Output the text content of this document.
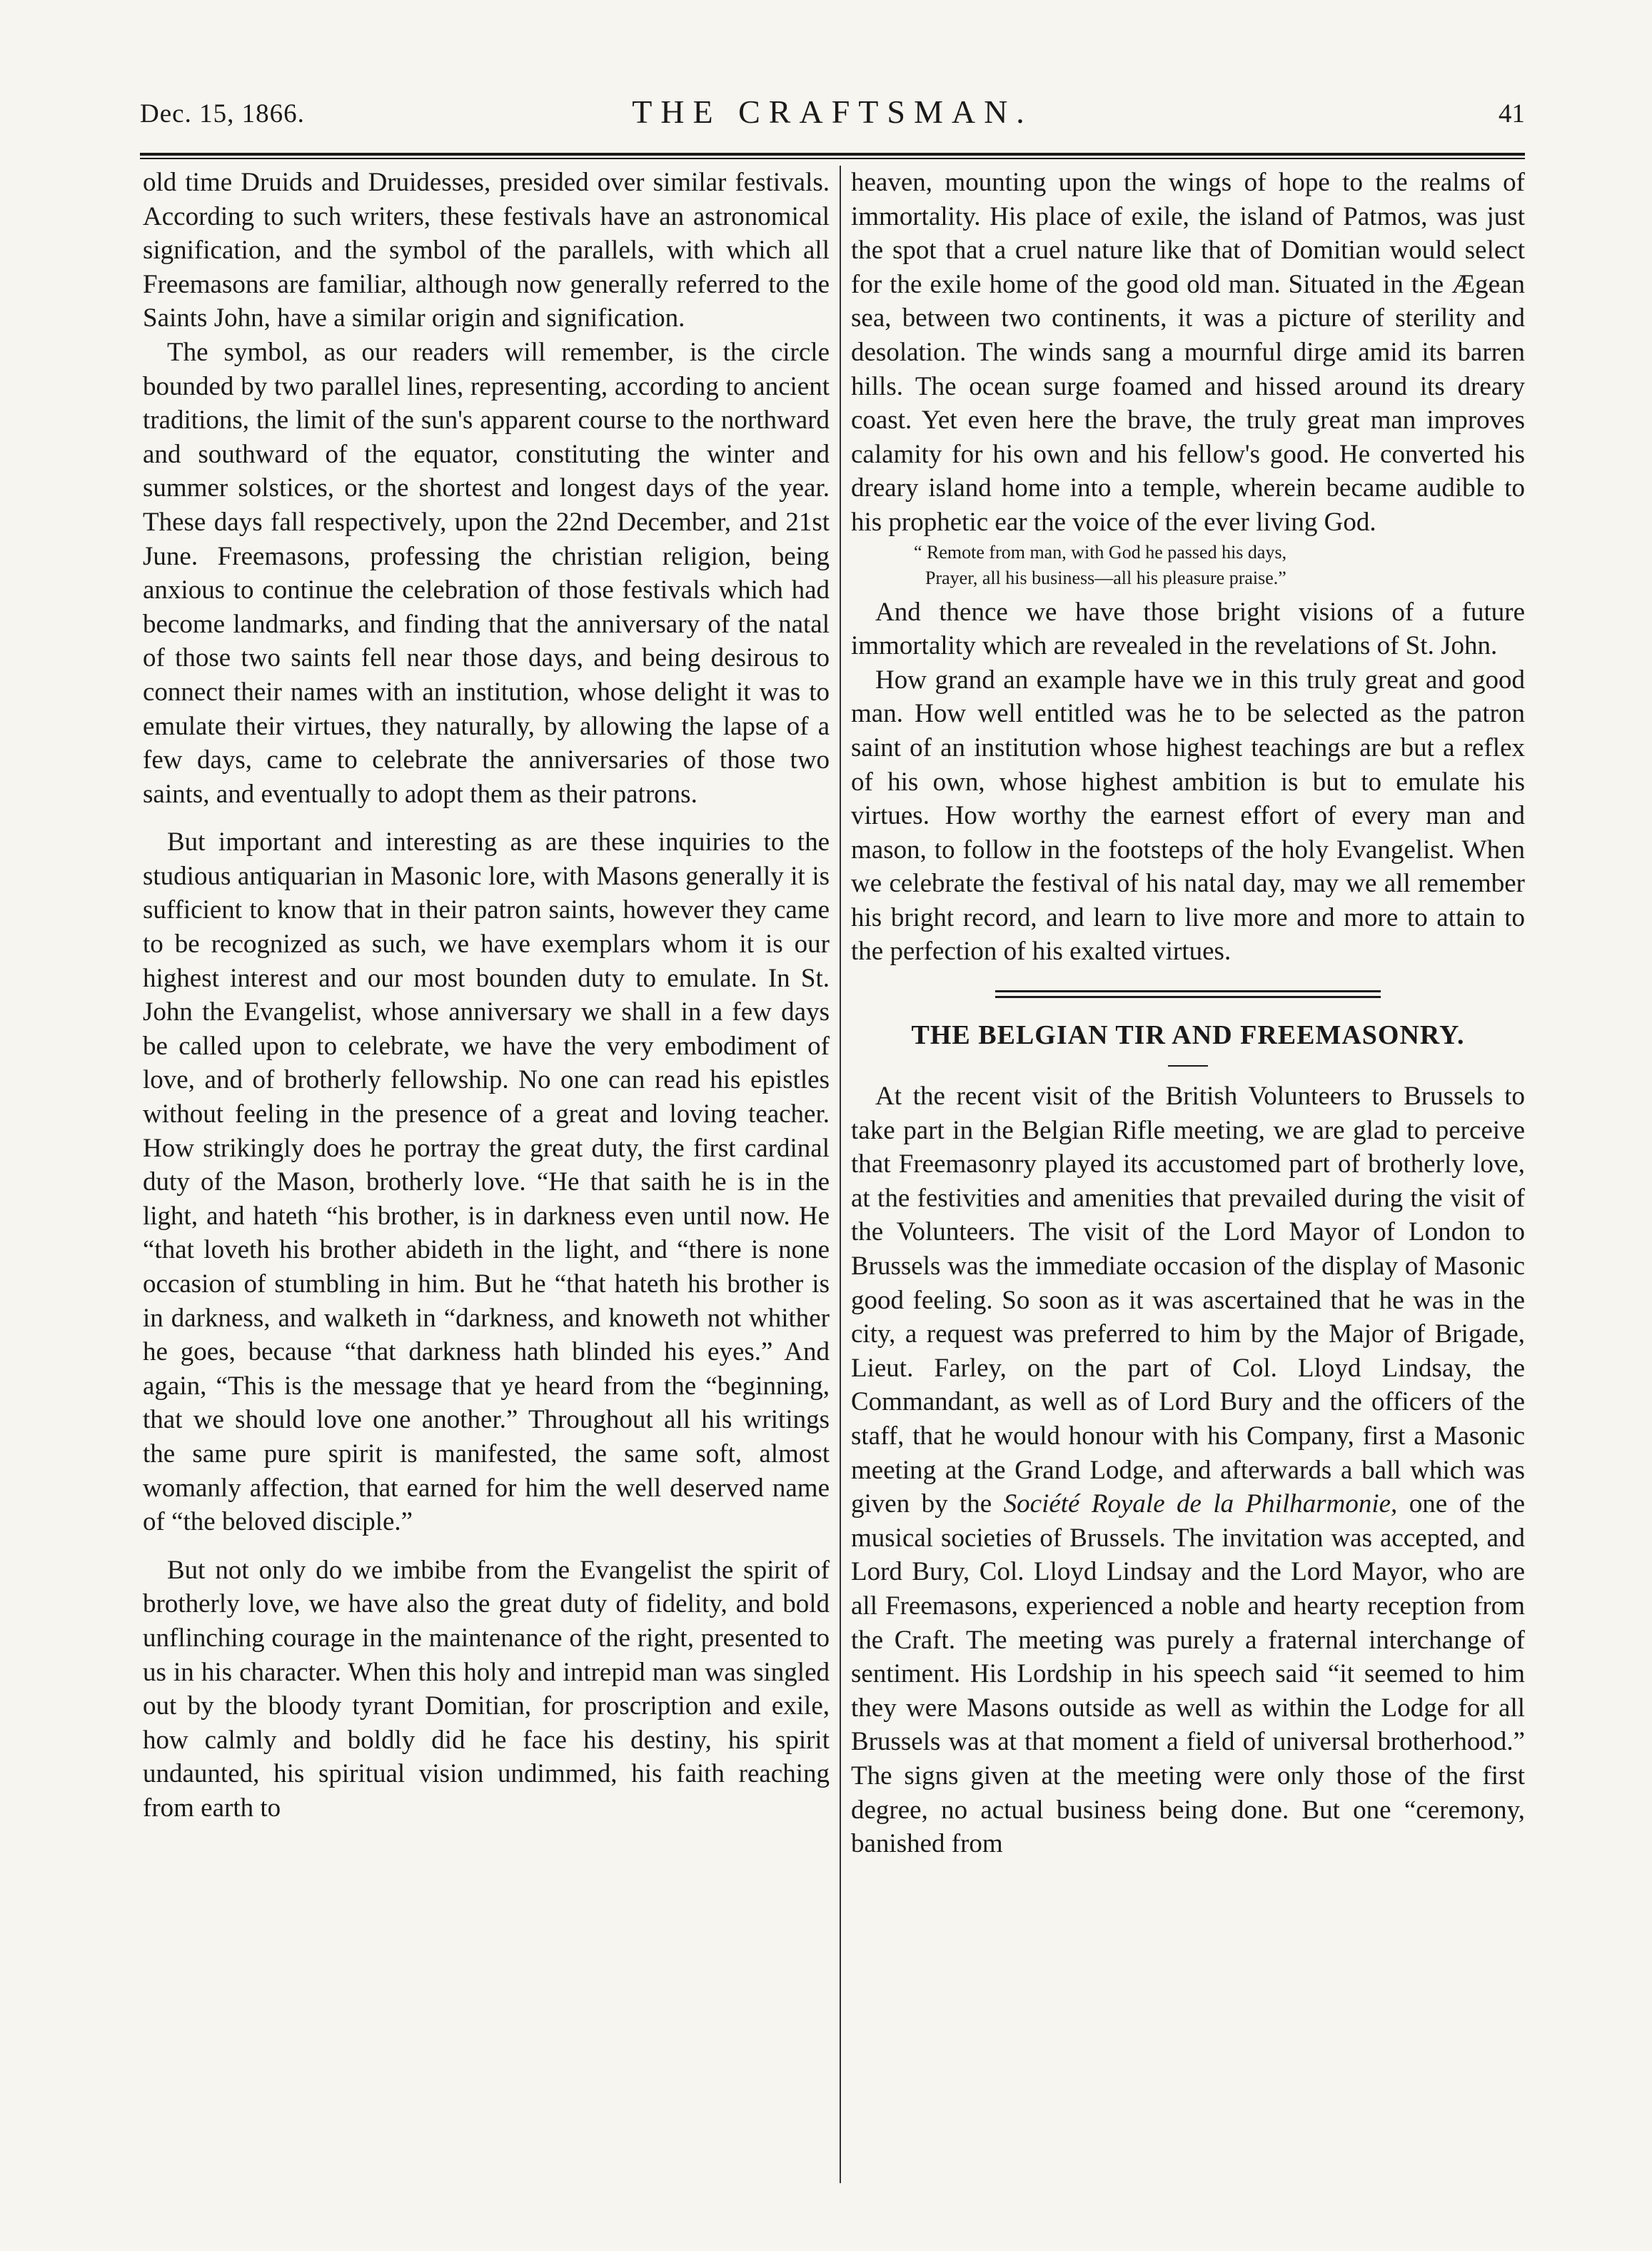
Dec. 15, 1866.	THE CRAFTSMAN.	41

old time Druids and Druidesses, presided over similar festivals. According to such writers, these festivals have an astronomical signification, and the symbol of the parallels, with which all Freemasons are familiar, although now generally referred to the Saints John, have a similar origin and signification.

The symbol, as our readers will remember, is the circle bounded by two parallel lines, representing, according to ancient traditions, the limit of the sun's apparent course to the northward and southward of the equator, constituting the winter and summer solstices, or the shortest and longest days of the year. These days fall respectively, upon the 22nd December, and 21st June. Freemasons, professing the christian religion, being anxious to continue the celebration of those festivals which had become landmarks, and finding that the anniversary of the natal of those two saints fell near those days, and being desirous to connect their names with an institution, whose delight it was to emulate their virtues, they naturally, by allowing the lapse of a few days, came to celebrate the anniversaries of those two saints, and eventually to adopt them as their patrons.

But important and interesting as are these inquiries to the studious antiquarian in Masonic lore, with Masons generally it is sufficient to know that in their patron saints, however they came to be recognized as such, we have exemplars whom it is our highest interest and our most bounden duty to emulate. In St. John the Evangelist, whose anniversary we shall in a few days be called upon to celebrate, we have the very embodiment of love, and of brotherly fellowship. No one can read his epistles without feeling in the presence of a great and loving teacher. How strikingly does he portray the great duty, the first cardinal duty of the Mason, brotherly love. “He that saith he is in the light, and hateth “his brother, is in darkness even until now. He “that loveth his brother abideth in the light, and “there is none occasion of stumbling in him. But he “that hateth his brother is in darkness, and walketh in “darkness, and knoweth not whither he goes, because “that darkness hath blinded his eyes.” And again, “This is the message that ye heard from the “beginning, that we should love one another.” Throughout all his writings the same pure spirit is manifested, the same soft, almost womanly affection, that earned for him the well deserved name of “the beloved disciple.”

But not only do we imbibe from the Evangelist the spirit of brotherly love, we have also the great duty of fidelity, and bold unflinching courage in the maintenance of the right, presented to us in his character. When this holy and intrepid man was singled out by the bloody tyrant Domitian, for proscription and exile, how calmly and boldly did he face his destiny, his spirit undaunted, his spiritual vision undimmed, his faith reaching from earth to

heaven, mounting upon the wings of hope to the realms of immortality. His place of exile, the island of Patmos, was just the spot that a cruel nature like that of Domitian would select for the exile home of the good old man. Situated in the Ægean sea, between two continents, it was a picture of sterility and desolation. The winds sang a mournful dirge amid its barren hills. The ocean surge foamed and hissed around its dreary coast. Yet even here the brave, the truly great man improves calamity for his own and his fellow's good. He converted his dreary island home into a temple, wherein became audible to his prophetic ear the voice of the ever living God.

“ Remote from man, with God he passed his days,
Prayer, all his business—all his pleasure praise.”

And thence we have those bright visions of a future immortality which are revealed in the revelations of St. John.

How grand an example have we in this truly great and good man. How well entitled was he to be selected as the patron saint of an institution whose highest teachings are but a reflex of his own, whose highest ambition is but to emulate his virtues. How worthy the earnest effort of every man and mason, to follow in the footsteps of the holy Evangelist. When we celebrate the festival of his natal day, may we all remember his bright record, and learn to live more and more to attain to the perfection of his exalted virtues.

THE BELGIAN TIR AND FREEMASONRY.

At the recent visit of the British Volunteers to Brussels to take part in the Belgian Rifle meeting, we are glad to perceive that Freemasonry played its accustomed part of brotherly love, at the festivities and amenities that prevailed during the visit of the Volunteers. The visit of the Lord Mayor of London to Brussels was the immediate occasion of the display of Masonic good feeling. So soon as it was ascertained that he was in the city, a request was preferred to him by the Major of Brigade, Lieut. Farley, on the part of Col. Lloyd Lindsay, the Commandant, as well as of Lord Bury and the officers of the staff, that he would honour with his Company, first a Masonic meeting at the Grand Lodge, and afterwards a ball which was given by the Société Royale de la Philharmonie, one of the musical societies of Brussels. The invitation was accepted, and Lord Bury, Col. Lloyd Lindsay and the Lord Mayor, who are all Freemasons, experienced a noble and hearty reception from the Craft. The meeting was purely a fraternal interchange of sentiment. His Lordship in his speech said “it seemed to him they were Masons outside as well as within the Lodge for all Brussels was at that moment a field of universal brotherhood.” The signs given at the meeting were only those of the first degree, no actual business being done. But one “ceremony, banished from
